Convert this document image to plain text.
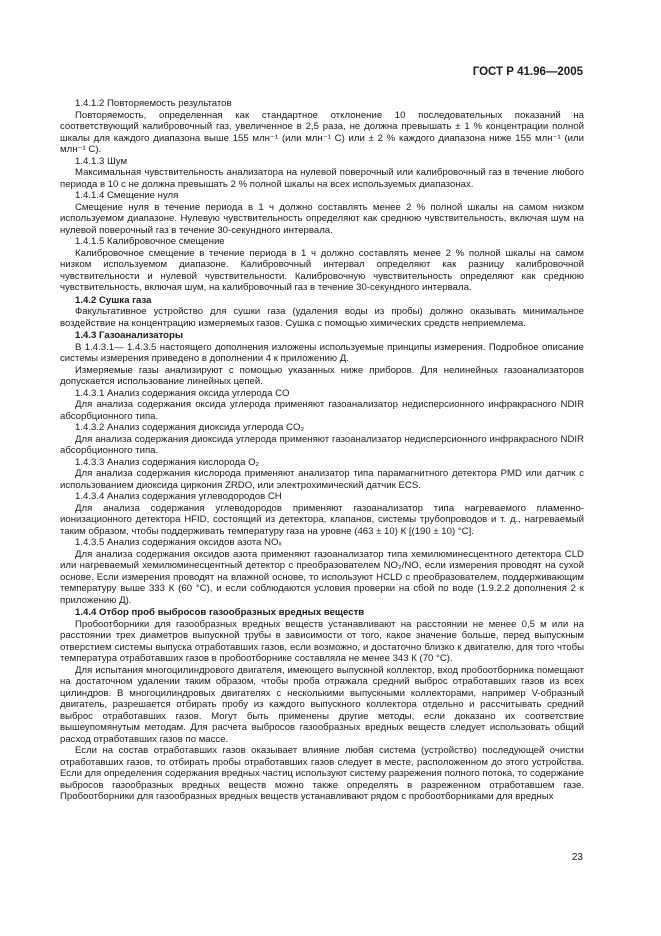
ГОСТ Р 41.96—2005
1.4.1.2 Повторяемость результатов

Повторяемость, определенная как стандартное отклонение 10 последовательных показаний на соответствующий калибровочный газ, увеличенное в 2,5 раза, не должна превышать ± 1 % концентрации полной шкалы для каждого диапазона выше 155 млн⁻¹ (или млн⁻¹ C) или ± 2 % каждого диапазона ниже 155 млн⁻¹ (или млн⁻¹ C).

1.4.1.3 Шум

Максимальная чувствительность анализатора на нулевой поверочный или калибровочный газ в течение любого периода в 10 с не должна превышать 2 % полной шкалы на всех используемых диапазонах.

1.4.1.4 Смещение нуля

Смещение нуля в течение периода в 1 ч должно составлять менее 2 % полной шкалы на самом низком используемом диапазоне. Нулевую чувствительность определяют как среднюю чувствительность, включая шум на нулевой поверочный газ в течение 30-секундного интервала.

1.4.1.5 Калибровочное смещение

Калибровочное смещение в течение периода в 1 ч должно составлять менее 2 % полной шкалы на самом низком используемом диапазоне. Калибровочный интервал определяют как разницу калибровочной чувствительности и нулевой чувствительности. Калибровочную чувствительность определяют как среднюю чувствительность, включая шум, на калибровочный газ в течение 30-секундного интервала.

1.4.2 Сушка газа

Факультативное устройство для сушки газа (удаления воды из пробы) должно оказывать минимальное воздействие на концентрацию измеряемых газов. Сушка с помощью химических средств неприемлема.

1.4.3 Газоанализаторы

В 1.4.3.1— 1.4.3.5 настоящего дополнения изложены используемые принципы измерения. Подробное описание системы измерения приведено в дополнении 4 к приложению Д.

Измеряемые газы анализируют с помощью указанных ниже приборов. Для нелинейных газоанализаторов допускается использование линейных цепей.

1.4.3.1 Анализ содержания оксида углерода CO

Для анализа содержания оксида углерода применяют газоанализатор недисперсионного инфракрасного NDIR абсорбционного типа.

1.4.3.2 Анализ содержания диоксида углерода CO₂

Для анализа содержания диоксида углерода применяют газоанализатор недисперсионного инфракрасного NDIR абсорбционного типа.

1.4.3.3 Анализ содержания кислорода O₂

Для анализа содержания кислорода применяют анализатор типа парамагнитного детектора PMD или датчик с использованием диоксида циркония ZRDO, или электрохимический датчик ECS.

1.4.3.4 Анализ содержания углеводородов CH

Для анализа содержания углеводородов применяют газоанализатор типа нагреваемого пламенно-ионизационного детектора HFID, состоящий из детектора, клапанов, системы трубопроводов и т. д., нагреваемый таким образом, чтобы поддерживать температуру газа на уровне (463 ± 10) К [(190 ± 10) °C].

1.4.3.5 Анализ содержания оксидов азота NOₓ

Для анализа содержания оксидов азота применяют газоанализатор типа хемилюминесцентного детектора CLD или нагреваемый хемилюминесцентный детектор с преобразователем NO₂/NO, если измерения проводят на сухой основе. Если измерения проводят на влажной основе, то используют HCLD с преобразователем, поддерживающим температуру выше 333 К (60 °C), и если соблюдаются условия проверки на сбой по воде (1.9.2.2 дополнения 2 к приложению Д).

1.4.4 Отбор проб выбросов газообразных вредных веществ

Пробоотборники для газообразных вредных веществ устанавливают на расстоянии не менее 0,5 м или на расстоянии трех диаметров выпускной трубы в зависимости от того, какое значение больше, перед выпускным отверстием системы выпуска отработавших газов, если возможно, и достаточно близко к двигателю, для того чтобы температура отработавших газов в пробоотборнике составляла не менее 343 К (70 °C).

Для испытания многоцилиндрового двигателя, имеющего выпускной коллектор, вход пробоотборника помещают на достаточном удалении таким образом, чтобы проба отражала средний выброс отработавших газов из всех цилиндров. В многоцилиндровых двигателях с несколькими выпускными коллекторами, например V-образный двигатель, разрешается отбирать пробу из каждого выпускного коллектора отдельно и рассчитывать средний выброс отработавших газов. Могут быть применены другие методы, если доказано их соответствие вышеупомянутым методам. Для расчета выбросов газообразных вредных веществ следует использовать общий расход отработавших газов по массе.

Если на состав отработавших газов оказывает влияние любая система (устройство) последующей очистки отработавших газов, то отбирать пробы отработавших газов следует в месте, расположенном до этого устройства. Если для определения содержания вредных частиц используют систему разрежения полного потока, то содержание выбросов газообразных вредных веществ можно также определять в разреженном отработавшем газе. Пробоотборники для газообразных вредных веществ устанавливают рядом с пробоотборниками для вредных

23
